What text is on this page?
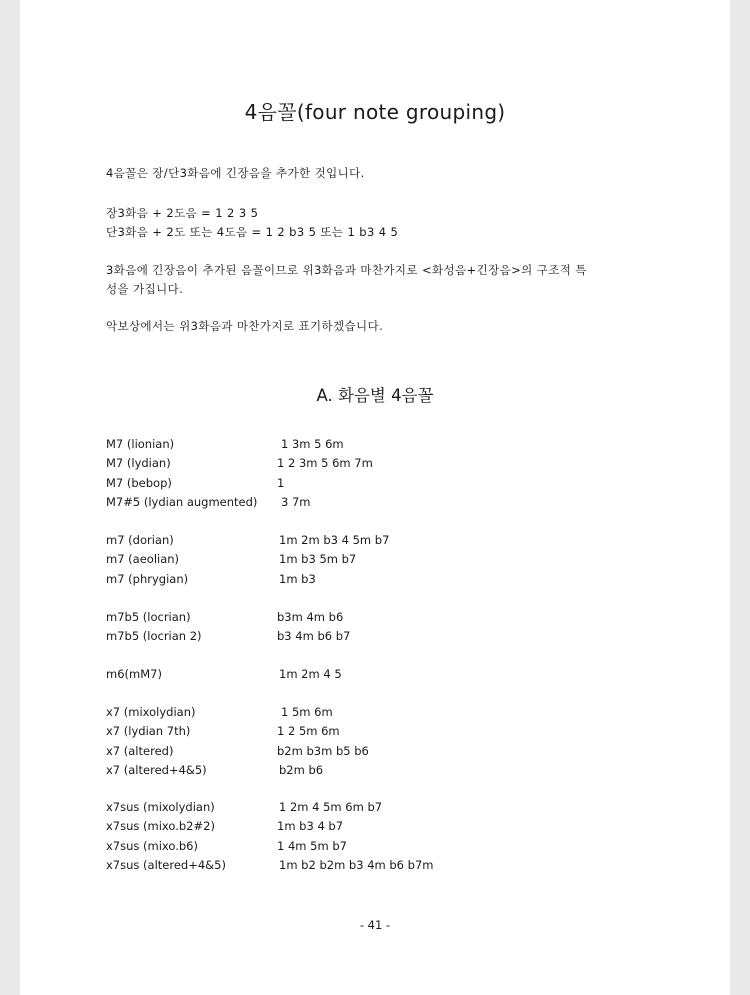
4음꼴(four note grouping)
4음꼴은 장/단3화음에 긴장음을 추가한 것입니다.
장3화음 + 2도음 = 1 2 3 5
단3화음 + 2도 또는 4도음 = 1 2 b3 5 또는 1 b3 4 5
3화음에 긴장음이 추가된 음꼴이므로 위3화음과 마찬가지로 <화성음+긴장음>의 구조적 특
성을 가집니다.
악보상에서는 위3화음과 마찬가지로 표기하겠습니다.
A. 화음별 4음꼴
M7 (lionian)	1 3m 5 6m
M7 (lydian)	1 2 3m 5 6m 7m
M7 (bebop)	1
M7#5 (lydian augmented) 3 7m
m7 (dorian)	1m 2m b3 4 5m b7
m7 (aeolian)	1m b3 5m b7
m7 (phrygian)	1m b3
m7b5 (locrian)	b3m 4m b6
m7b5 (locrian 2)	b3 4m b6 b7
m6(mM7)	1m 2m 4 5
x7 (mixolydian)	1 5m 6m
x7 (lydian 7th)	1 2 5m 6m
x7 (altered)	b2m b3m b5 b6
x7 (altered+4&5)	b2m b6
x7sus (mixolydian)	1 2m 4 5m 6m b7
x7sus (mixo.b2#2)	1m b3 4 b7
x7sus (mixo.b6)	1 4m 5m b7
x7sus (altered+4&5)	1m b2 b2m b3 4m b6 b7m
- 41 -
